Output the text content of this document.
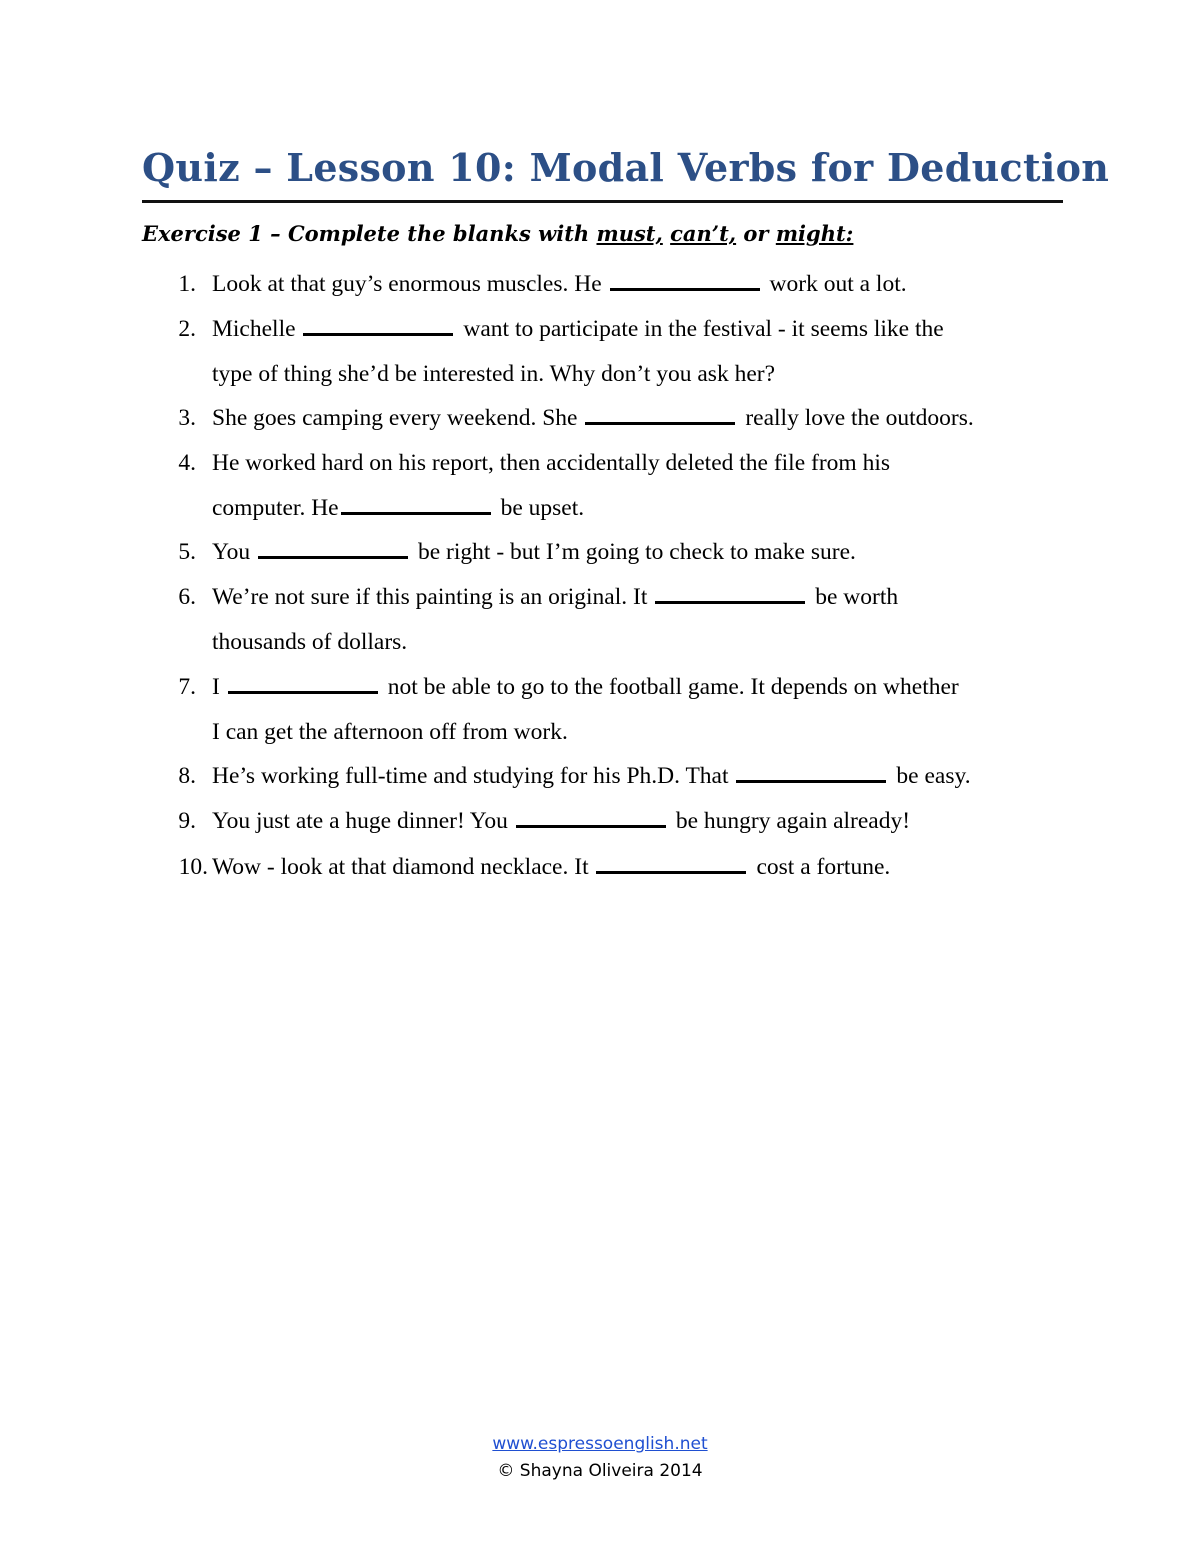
Quiz – Lesson 10: Modal Verbs for Deduction
Exercise 1 – Complete the blanks with must, can’t, or might:
1. Look at that guy’s enormous muscles. He	work out a lot.
2. Michelle	want to participate in the festival - it seems like the
type of thing she’d be interested in. Why don’t you ask her?
3. She goes camping every weekend. She	really love the outdoors.
4. He worked hard on his report, then accidentally deleted the file from his
computer. He	be upset.
5. You	be right - but I’m going to check to make sure.
6. We’re not sure if this painting is an original. It	be worth
thousands of dollars.
7. I	not be able to go to the football game. It depends on whether
I can get the afternoon off from work.
8. He’s working full-time and studying for his Ph.D. That	be easy.
9. You just ate a huge dinner! You	be hungry again already!
10. Wow - look at that diamond necklace. It	cost a fortune.
www.espressoenglish.net
© Shayna Oliveira 2014
